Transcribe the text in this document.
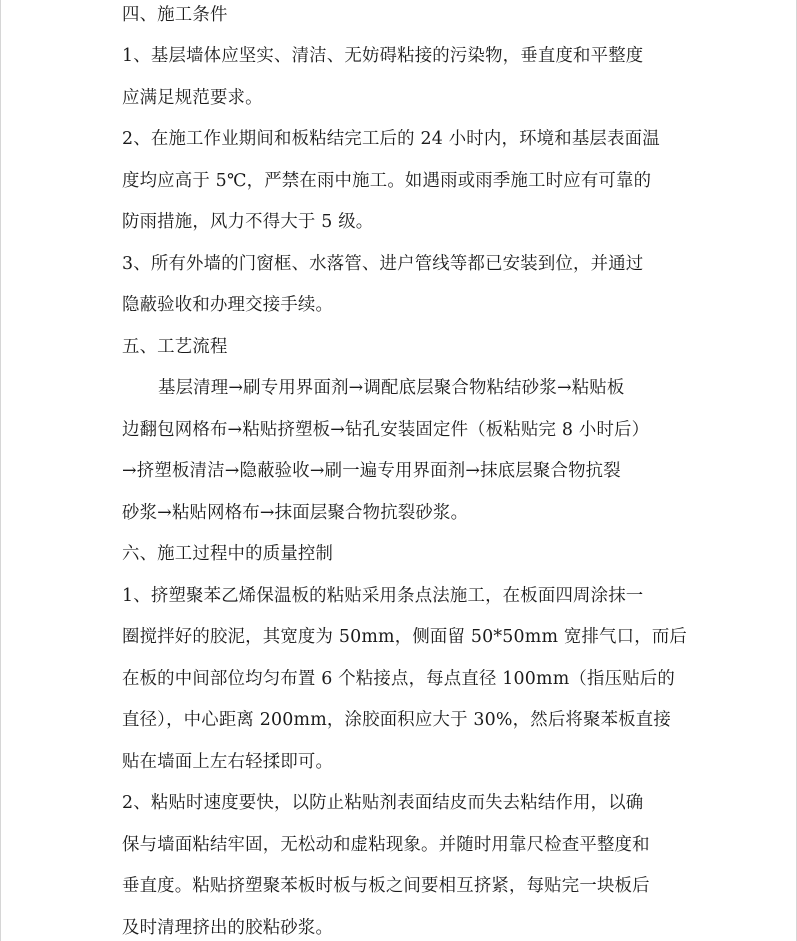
四、施工条件
1、基层墙体应坚实、清洁、无妨碍粘接的污染物，垂直度和平整度
应满足规范要求。
2、在施工作业期间和板粘结完工后的 24 小时内，环境和基层表面温
度均应高于 5℃，严禁在雨中施工。如遇雨或雨季施工时应有可靠的
防雨措施，风力不得大于 5 级。
3、所有外墙的门窗框、水落管、进户管线等都已安装到位，并通过
隐蔽验收和办理交接手续。
五、工艺流程
基层清理→刷专用界面剂→调配底层聚合物粘结砂浆→粘贴板
边翻包网格布→粘贴挤塑板→钻孔安装固定件（板粘贴完 8 小时后）
→挤塑板清洁→隐蔽验收→刷一遍专用界面剂→抹底层聚合物抗裂
砂浆→粘贴网格布→抹面层聚合物抗裂砂浆。
六、施工过程中的质量控制
1、挤塑聚苯乙烯保温板的粘贴采用条点法施工，在板面四周涂抹一
圈搅拌好的胶泥，其宽度为 50mm，侧面留 50*50mm 宽排气口，而后
在板的中间部位均匀布置 6 个粘接点，每点直径 100mm（指压贴后的
直径），中心距离 200mm，涂胶面积应大于 30%，然后将聚苯板直接
贴在墙面上左右轻揉即可。
2、粘贴时速度要快，以防止粘贴剂表面结皮而失去粘结作用，以确
保与墙面粘结牢固，无松动和虚粘现象。并随时用靠尺检查平整度和
垂直度。粘贴挤塑聚苯板时板与板之间要相互挤紧，每贴完一块板后
及时清理挤出的胶粘砂浆。
